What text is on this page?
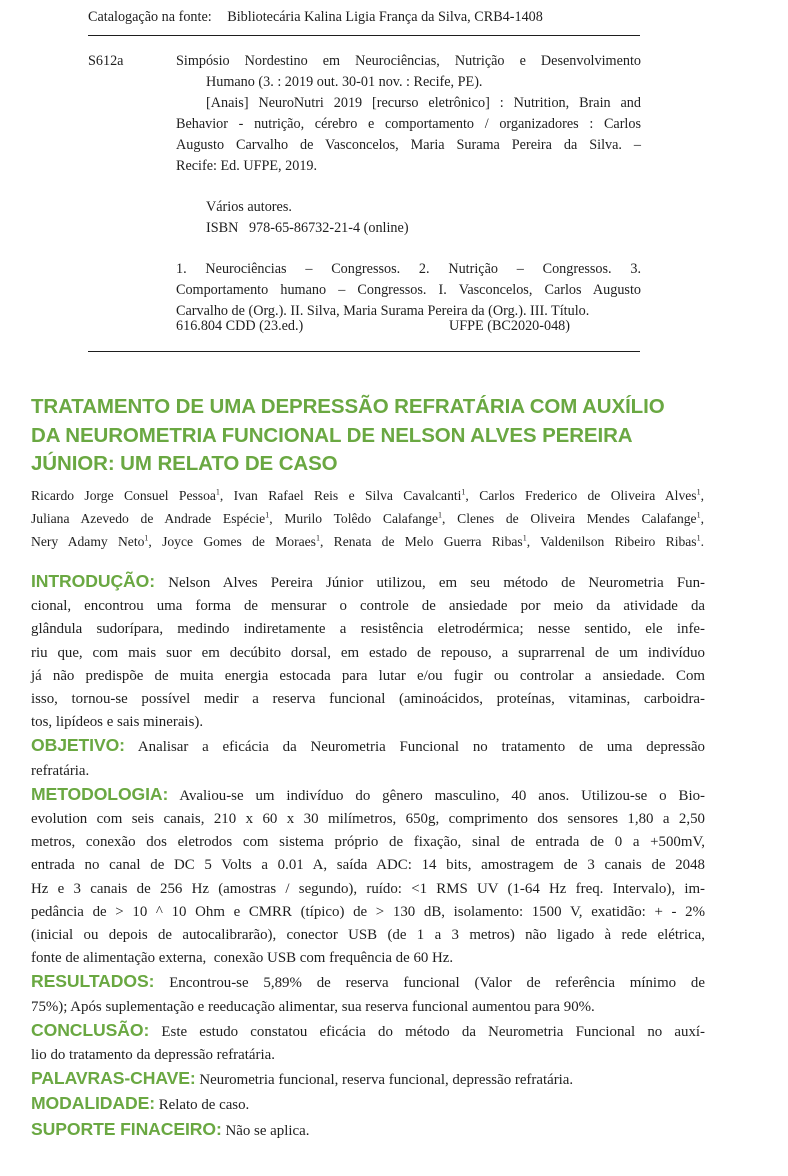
Catalogação na fonte: Bibliotecária Kalina Ligia França da Silva, CRB4-1408
S612a	Simpósio Nordestino em Neurociências, Nutrição e Desenvolvimento

Humano (3. : 2019 out. 30-01 nov. : Recife, PE).

[Anais] NeuroNutri 2019 [recurso eletrônico] : Nutrition, Brain and

Behavior - nutrição, cérebro e comportamento / organizadores : Carlos

Augusto Carvalho de Vasconcelos, Maria Surama Pereira da Silva. –

Recife: Ed. UFPE, 2019.

Vários autores.

ISBN   978-65-86732-21-4 (online)

1.  Neurociências  –  Congressos.  2.  Nutrição  –  Congressos.  3.

Comportamento humano – Congressos. I. Vasconcelos, Carlos Augusto

Carvalho de (Org.). II. Silva, Maria Surama Pereira da (Org.). III. Título.

616.804 CDD (23.ed.)	UFPE (BC2020-048)
TRATAMENTO DE UMA DEPRESSÃO REFRATÁRIA COM AUXÍLIO
DA NEUROMETRIA FUNCIONAL DE NELSON ALVES PEREIRA
JÚNIOR: UM RELATO DE CASO
Ricardo Jorge Consuel Pessoa$^1$, Ivan Rafael Reis e Silva Cavalcanti$^1$, Carlos Frederico de Oliveira Alves$^1$,
Juliana Azevedo de Andrade Espécie$^1$, Murilo Tolêdo Calafange$^1$, Clenes de Oliveira Mendes Calafange$^1$,
Nery Adamy Neto$^1$, Joyce Gomes de Moraes$^1$, Renata de Melo Guerra Ribas$^1$, Valdenilson Ribeiro Ribas$^1$.
INTRODUÇÃO: Nelson Alves Pereira Júnior utilizou, em seu método de Neurometria Fun-
cional, encontrou uma forma de mensurar o controle de ansiedade por meio da atividade da
glândula sudorípara, medindo indiretamente a resistência eletrodérmica; nesse sentido, ele infe-
riu que, com mais suor em decúbito dorsal, em estado de repouso, a suprarrenal de um indivíduo
já não predispõe de muita energia estocada para lutar e/ou fugir ou controlar a ansiedade. Com
isso, tornou-se possível medir a reserva funcional (aminoácidos, proteínas, vitaminas, carboidra-
tos, lipídeos e sais minerais).
OBJETIVO: Analisar a eficácia da Neurometria Funcional no tratamento de uma depressão
refratária.
METODOLOGIA: Avaliou-se um indivíduo do gênero masculino, 40 anos. Utilizou-se o Bio-
evolution com seis canais, 210 x 60 x 30 milímetros, 650g, comprimento dos sensores 1,80 a 2,50
metros, conexão dos eletrodos com sistema próprio de fixação, sinal de entrada de 0 a +500mV,
entrada no canal de DC 5 Volts a 0.01 A, saída ADC: 14 bits, amostragem de 3 canais de 2048
Hz e 3 canais de 256 Hz (amostras / segundo), ruído: <1 RMS UV (1-64 Hz freq. Intervalo), im-
pedância de > 10 ^ 10 Ohm e CMRR (típico) de > 130 dB, isolamento: 1500 V, exatidão: + - 2%
(inicial ou depois de autocalibrarão), conector USB (de 1 a 3 metros) não ligado à rede elétrica,
fonte de alimentação externa,  conexão USB com frequência de 60 Hz.
RESULTADOS: Encontrou-se 5,89% de reserva funcional (Valor de referência mínimo de
75%); Após suplementação e reeducação alimentar, sua reserva funcional aumentou para 90%.
CONCLUSÃO: Este estudo constatou eficácia do método da Neurometria Funcional no auxí-
lio do tratamento da depressão refratária.
PALAVRAS-CHAVE: Neurometria funcional, reserva funcional, depressão refratária.
MODALIDADE: Relato de caso.
SUPORTE FINACEIRO: Não se aplica.
